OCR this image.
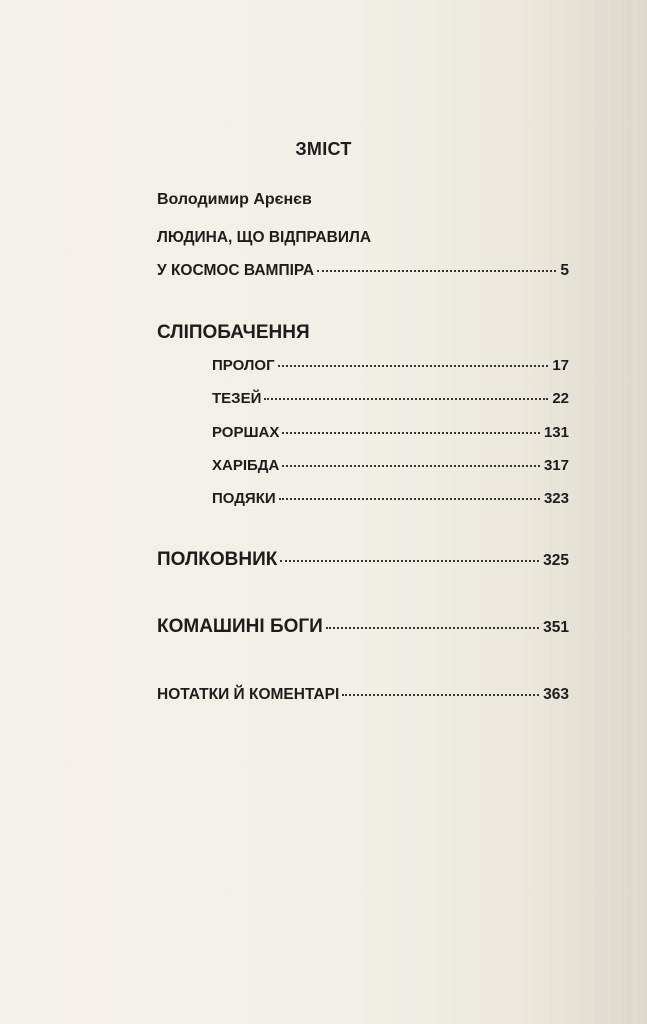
ЗМІСТ
Володимир Арєнєв
ЛЮДИНА, ЩО ВІДПРАВИЛА
У КОСМОС ВАМПІРА	5
СЛІПОБАЧЕННЯ
ПРОЛОГ	17
ТЕЗЕЙ	22
РОРШАХ	131
ХАРІБДА	317
ПОДЯКИ	323
ПОЛКОВНИК	325
КОМАШИНІ БОГИ	351
НОТАТКИ Й КОМЕНТАРІ	363
